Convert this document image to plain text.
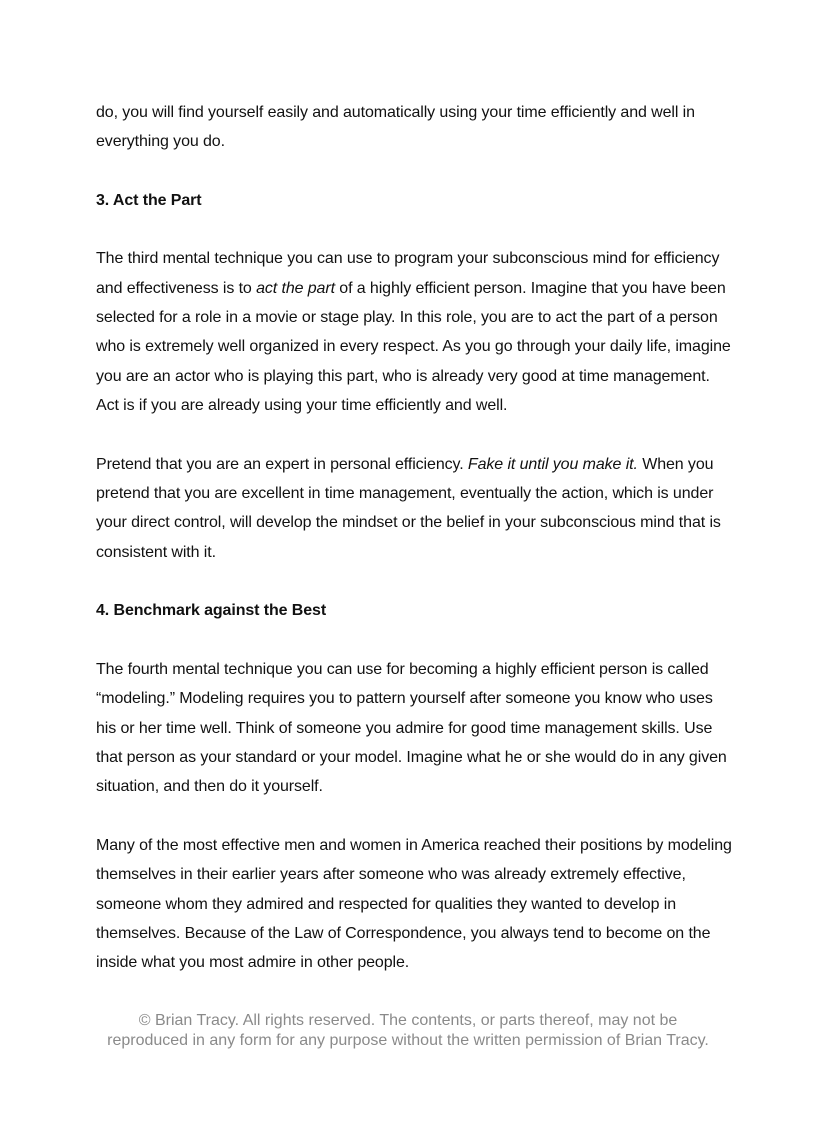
do, you will find yourself easily and automatically using your time efficiently and well in everything you do.

3. Act the Part

The third mental technique you can use to program your subconscious mind for efficiency and effectiveness is to act the part of a highly efficient person. Imagine that you have been selected for a role in a movie or stage play. In this role, you are to act the part of a person who is extremely well organized in every respect. As you go through your daily life, imagine you are an actor who is playing this part, who is already very good at time management. Act is if you are already using your time efficiently and well.

Pretend that you are an expert in personal efficiency. Fake it until you make it. When you pretend that you are excellent in time management, eventually the action, which is under your direct control, will develop the mindset or the belief in your subconscious mind that is consistent with it.

4. Benchmark against the Best

The fourth mental technique you can use for becoming a highly efficient person is called “modeling.” Modeling requires you to pattern yourself after someone you know who uses his or her time well. Think of someone you admire for good time management skills. Use that person as your standard or your model. Imagine what he or she would do in any given situation, and then do it yourself.

Many of the most effective men and women in America reached their positions by modeling themselves in their earlier years after someone who was already extremely effective, someone whom they admired and respected for qualities they wanted to develop in themselves. Because of the Law of Correspondence, you always tend to become on the inside what you most admire in other people.

© Brian Tracy. All rights reserved. The contents, or parts thereof, may not be
reproduced in any form for any purpose without the written permission of Brian Tracy.
